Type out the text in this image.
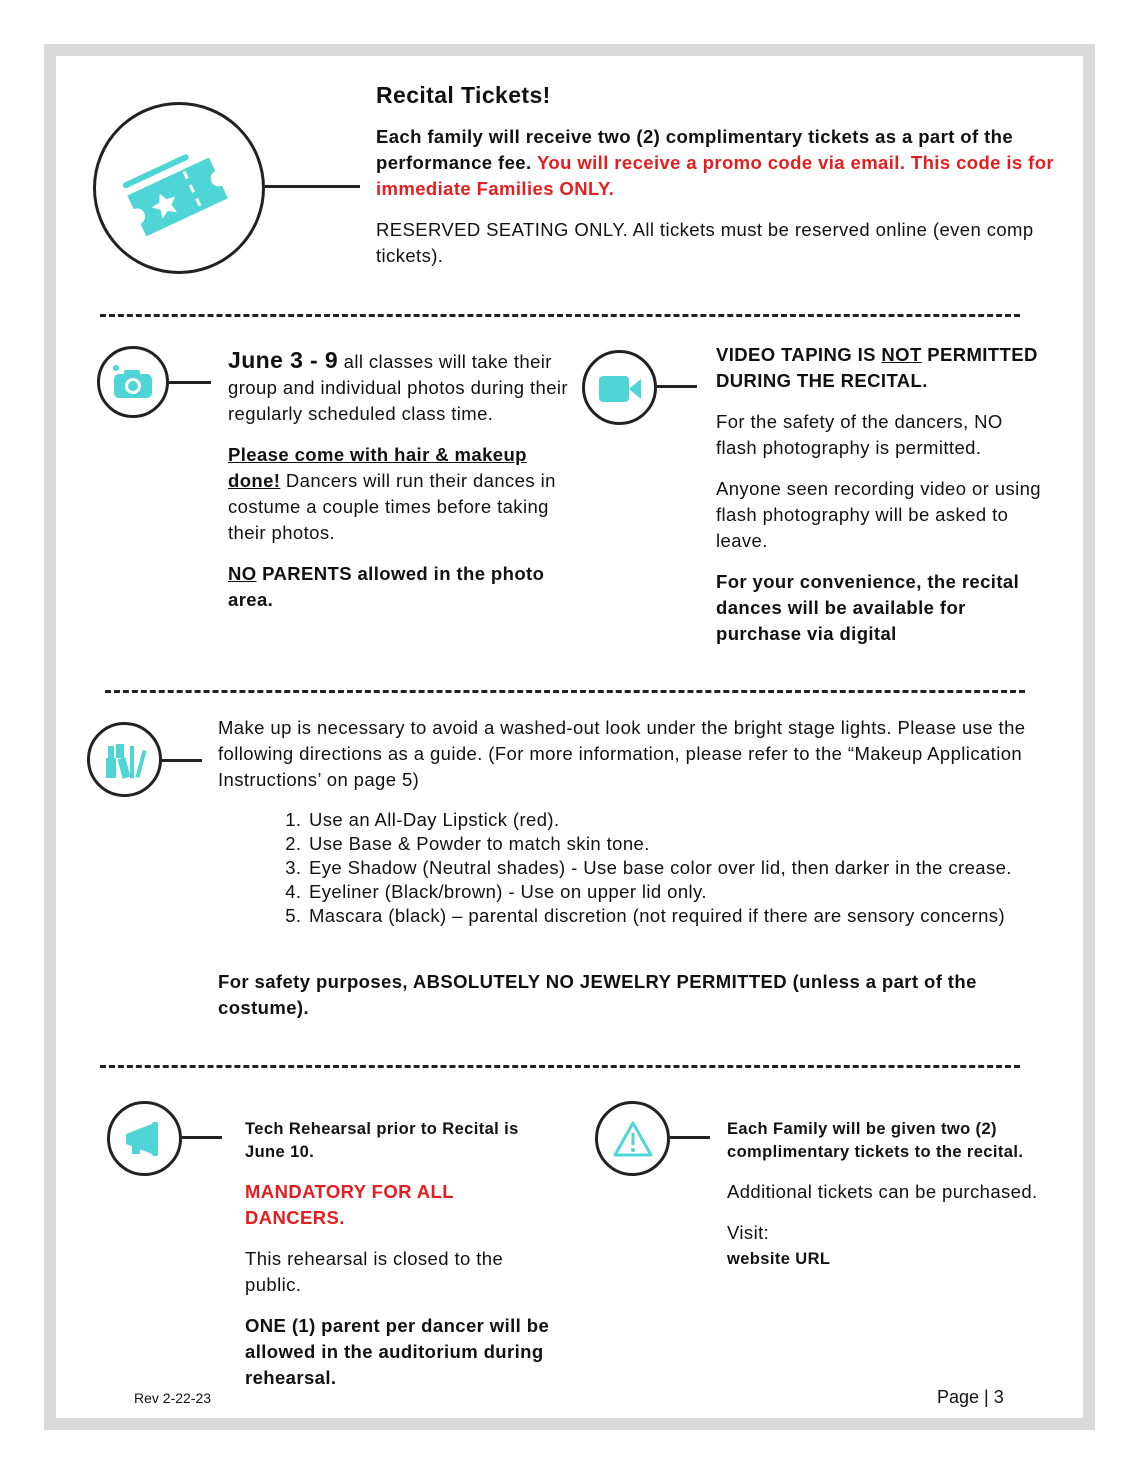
Recital Tickets!

Each family will receive two (2) complimentary tickets as a part of the performance fee. You will receive a promo code via email. This code is for immediate Families ONLY.

RESERVED SEATING ONLY. All tickets must be reserved online (even comp tickets).

June 3 - 9 all classes will take their group and individual photos during their regularly scheduled class time.

Please come with hair & makeup done! Dancers will run their dances in costume a couple times before taking their photos.

NO PARENTS allowed in the photo area.

VIDEO TAPING IS NOT PERMITTED DURING THE RECITAL.

For the safety of the dancers, NO flash photography is permitted.

Anyone seen recording video or using flash photography will be asked to leave.

For your convenience, the recital dances will be available for purchase via digital

Make up is necessary to avoid a washed-out look under the bright stage lights. Please use the following directions as a guide. (For more information, please refer to the “Makeup Application Instructions’ on page 5)

1. Use an All-Day Lipstick (red).
2. Use Base & Powder to match skin tone.
3. Eye Shadow (Neutral shades) - Use base color over lid, then darker in the crease.
4. Eyeliner (Black/brown) - Use on upper lid only.
5. Mascara (black) – parental discretion (not required if there are sensory concerns)
For safety purposes, ABSOLUTELY NO JEWELRY PERMITTED (unless a part of the costume).

Tech Rehearsal prior to Recital is June 10.

MANDATORY FOR ALL DANCERS.

This rehearsal is closed to the public.

ONE (1) parent per dancer will be allowed in the auditorium during rehearsal.

Each Family will be given two (2) complimentary tickets to the recital.

Additional tickets can be purchased.

Visit:
website URL
Rev 2-22-23	Page | 3
